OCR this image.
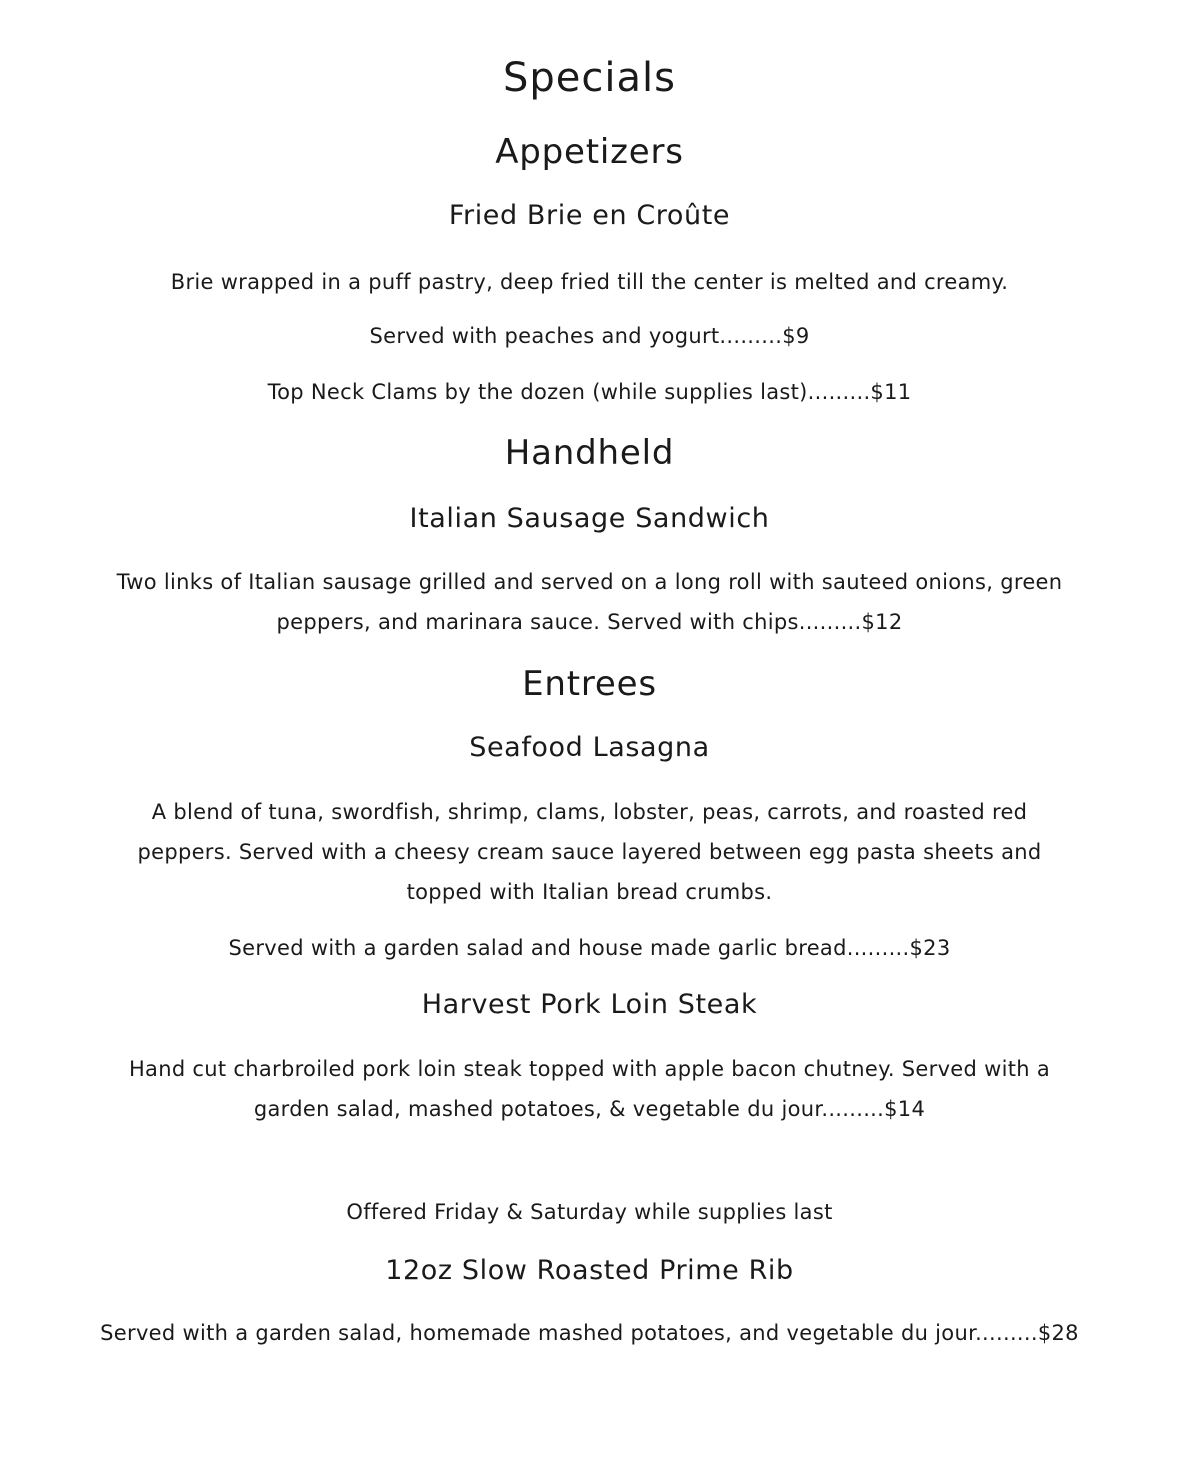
Specials
Appetizers
Fried Brie en Croûte
Brie wrapped in a puff pastry, deep fried till the center is melted and creamy.
Served with peaches and yogurt.........$9
Top Neck Clams by the dozen (while supplies last).........$11
Handheld
Italian Sausage Sandwich
Two links of Italian sausage grilled and served on a long roll with sauteed onions, green
peppers, and marinara sauce. Served with chips.........$12
Entrees
Seafood Lasagna
A blend of tuna, swordfish, shrimp, clams, lobster, peas, carrots, and roasted red
peppers. Served with a cheesy cream sauce layered between egg pasta sheets and
topped with Italian bread crumbs.
Served with a garden salad and house made garlic bread.........$23
Harvest Pork Loin Steak
Hand cut charbroiled pork loin steak topped with apple bacon chutney. Served with a
garden salad, mashed potatoes, & vegetable du jour.........$14
Offered Friday & Saturday while supplies last
12oz Slow Roasted Prime Rib
Served with a garden salad, homemade mashed potatoes, and vegetable du jour.........$28
